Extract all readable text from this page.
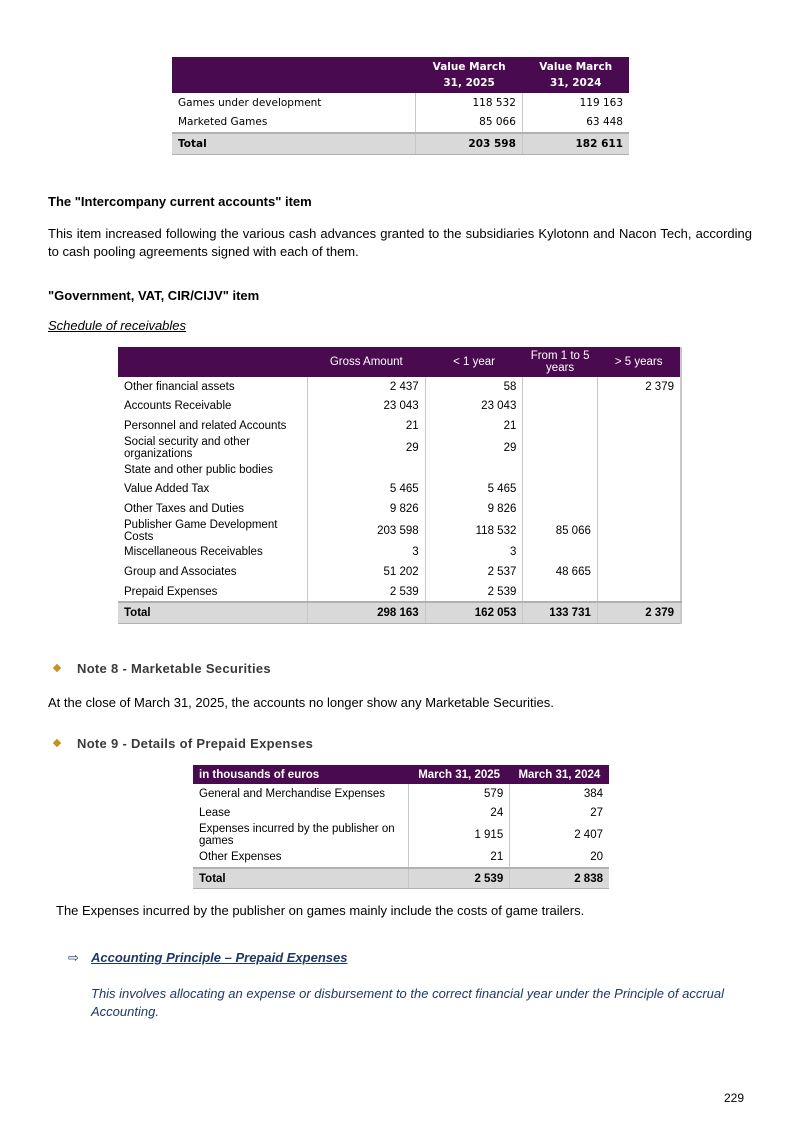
	Value March 31, 2025	Value March 31, 2024
Games under development	118 532	119 163
Marketed Games	85 066	63 448
Total	203 598	182 611
The "Intercompany current accounts" item
This item increased following the various cash advances granted to the subsidiaries Kylotonn and Nacon Tech, according to cash pooling agreements signed with each of them.
"Government, VAT, CIR/CIJV" item
Schedule of receivables
	Gross Amount	< 1 year	From 1 to 5 years	> 5 years
Other financial assets	2 437	58		2 379
Accounts Receivable	23 043	23 043		
Personnel and related Accounts	21	21		
Social security and other organizations	29	29		
State and other public bodies				
Value Added Tax	5 465	5 465		
Other Taxes and Duties	9 826	9 826		
Publisher Game Development Costs	203 598	118 532	85 066	
Miscellaneous Receivables	3	3		
Group and Associates	51 202	2 537	48 665	
Prepaid Expenses	2 539	2 539		
Total	298 163	162 053	133 731	2 379
Note 8 - Marketable Securities
At the close of March 31, 2025, the accounts no longer show any Marketable Securities.
Note 9 - Details of Prepaid Expenses
in thousands of euros	March 31, 2025	March 31, 2024
General and Merchandise Expenses	579	384
Lease	24	27
Expenses incurred by the publisher on games	1 915	2 407
Other Expenses	21	20
Total	2 539	2 838
The Expenses incurred by the publisher on games mainly include the costs of game trailers.
⇨ Accounting Principle – Prepaid Expenses
This involves allocating an expense or disbursement to the correct financial year under the Principle of accrual Accounting.
229
